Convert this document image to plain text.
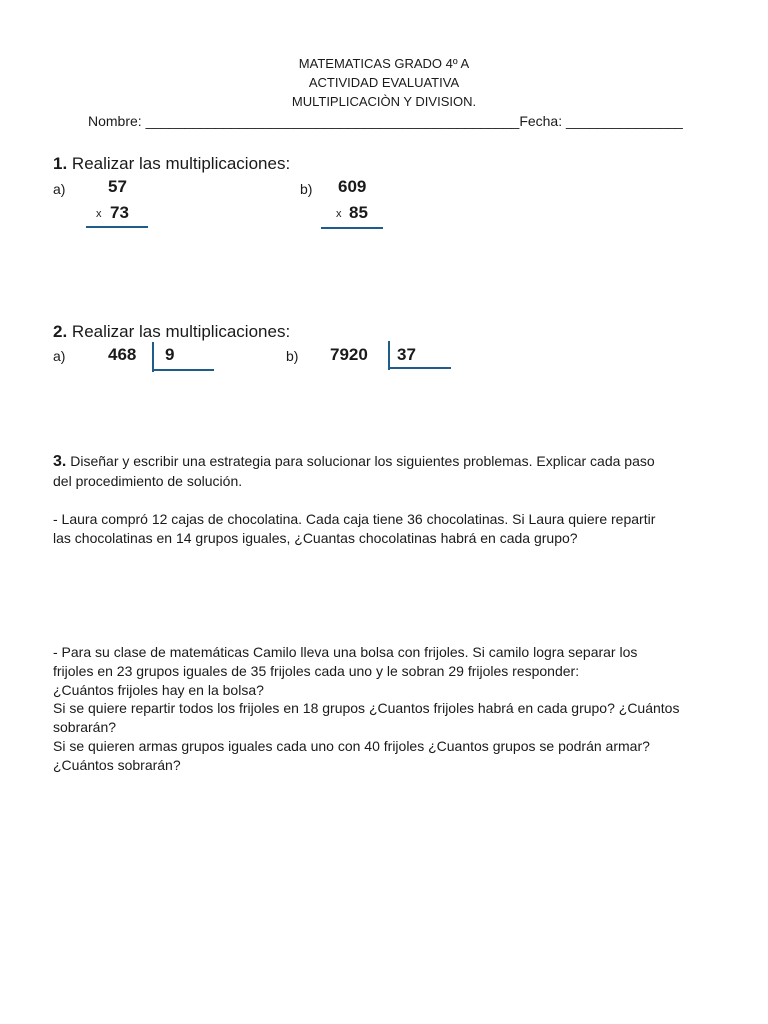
MATEMATICAS GRADO 4º A
ACTIVIDAD EVALUATIVA
MULTIPLICACIÒN Y DIVISION.
Nombre: ________________________________________________Fecha: _______________
1. Realizar las multiplicaciones:
a)	57
x 73
b) 609
x 85
2. Realizar las multiplicaciones:
a)	468 9	b) 7920 37
3. Diseñar y escribir una estrategia para solucionar los siguientes problemas. Explicar cada paso
del procedimiento de solución.
- Laura compró 12 cajas de chocolatina. Cada caja tiene 36 chocolatinas. Si Laura quiere repartir
las chocolatinas en 14 grupos iguales, ¿Cuantas chocolatinas habrá en cada grupo?
- Para su clase de matemáticas Camilo lleva una bolsa con frijoles. Si camilo logra separar los
frijoles en 23 grupos iguales de 35 frijoles cada uno y le sobran 29 frijoles responder:
¿Cuántos frijoles hay en la bolsa?
Si se quiere repartir todos los frijoles en 18 grupos ¿Cuantos frijoles habrá en cada grupo? ¿Cuántos
sobrarán?
Si se quieren armas grupos iguales cada uno con 40 frijoles ¿Cuantos grupos se podrán armar?
¿Cuántos sobrarán?
